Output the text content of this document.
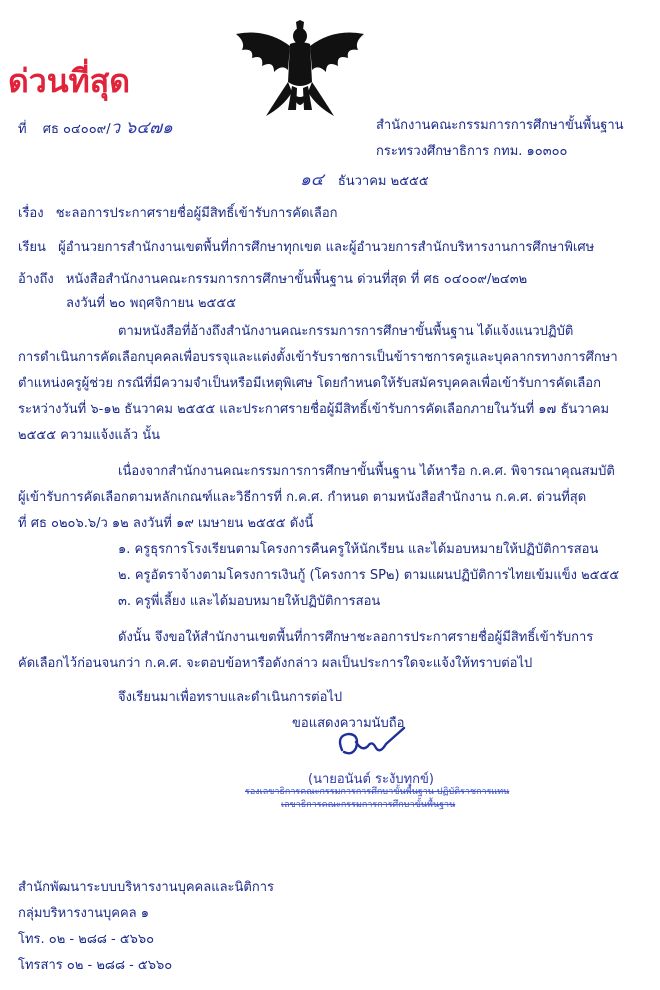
ด่วนที่สุด
ที่ ศธ ๐๔๐๐๙/ว ๖๔๗๑	สำนักงานคณะกรรมการการศึกษาขั้นพื้นฐาน
กระทรวงศึกษาธิการ กทม. ๑๐๓๐๐
๑๔ ธันวาคม ๒๕๕๕
เรื่อง ชะลอการประกาศรายชื่อผู้มีสิทธิ์เข้ารับการคัดเลือก
เรียน ผู้อำนวยการสำนักงานเขตพื้นที่การศึกษาทุกเขต และผู้อำนวยการสำนักบริหารงานการศึกษาพิเศษ
อ้างถึง หนังสือสำนักงานคณะกรรมการการศึกษาขั้นพื้นฐาน ด่วนที่สุด ที่ ศธ ๐๔๐๐๙/๒๔๓๒
ลงวันที่ ๒๐ พฤศจิกายน ๒๕๕๕
ตามหนังสือที่อ้างถึงสำนักงานคณะกรรมการการศึกษาขั้นพื้นฐาน ได้แจ้งแนวปฏิบัติ
การดำเนินการคัดเลือกบุคคลเพื่อบรรจุและแต่งตั้งเข้ารับราชการเป็นข้าราชการครูและบุคลากรทางการศึกษา
ตำแหน่งครูผู้ช่วย กรณีที่มีความจำเป็นหรือมีเหตุพิเศษ โดยกำหนดให้รับสมัครบุคคลเพื่อเข้ารับการคัดเลือก
ระหว่างวันที่ ๖-๑๒ ธันวาคม ๒๕๕๕ และประกาศรายชื่อผู้มีสิทธิ์เข้ารับการคัดเลือกภายในวันที่ ๑๗ ธันวาคม
๒๕๕๕ ความแจ้งแล้ว นั้น
เนื่องจากสำนักงานคณะกรรมการการศึกษาขั้นพื้นฐาน ได้หารือ ก.ค.ศ. พิจารณาคุณสมบัติ
ผู้เข้ารับการคัดเลือกตามหลักเกณฑ์และวิธีการที่ ก.ค.ศ. กำหนด ตามหนังสือสำนักงาน ก.ค.ศ. ด่วนที่สุด
ที่ ศธ ๐๒๐๖.๖/ว ๑๒ ลงวันที่ ๑๙ เมษายน ๒๕๕๕ ดังนี้
๑. ครูธุรการโรงเรียนตามโครงการคืนครูให้นักเรียน และได้มอบหมายให้ปฏิบัติการสอน
๒. ครูอัตราจ้างตามโครงการเงินกู้ (โครงการ SP๒) ตามแผนปฏิบัติการไทยเข้มแข็ง ๒๕๕๕
๓. ครูพี่เลี้ยง และได้มอบหมายให้ปฏิบัติการสอน
ดังนั้น จึงขอให้สำนักงานเขตพื้นที่การศึกษาชะลอการประกาศรายชื่อผู้มีสิทธิ์เข้ารับการ
คัดเลือกไว้ก่อนจนกว่า ก.ค.ศ. จะตอบข้อหารือดังกล่าว ผลเป็นประการใดจะแจ้งให้ทราบต่อไป
จึงเรียนมาเพื่อทราบและดำเนินการต่อไป
ขอแสดงความนับถือ
(นายอนันต์ ระงับทุกข์)
รองเลขาธิการคณะกรรมการการศึกษาขั้นพื้นฐาน ปฏิบัติราชการแทน
เลขาธิการคณะกรรมการการศึกษาขั้นพื้นฐาน
สำนักพัฒนาระบบบริหารงานบุคคลและนิติการ
กลุ่มบริหารงานบุคคล ๑
โทร. ๐๒ - ๒๘๘ - ๕๖๖๐
โทรสาร ๐๒ - ๒๘๘ - ๕๖๖๐
